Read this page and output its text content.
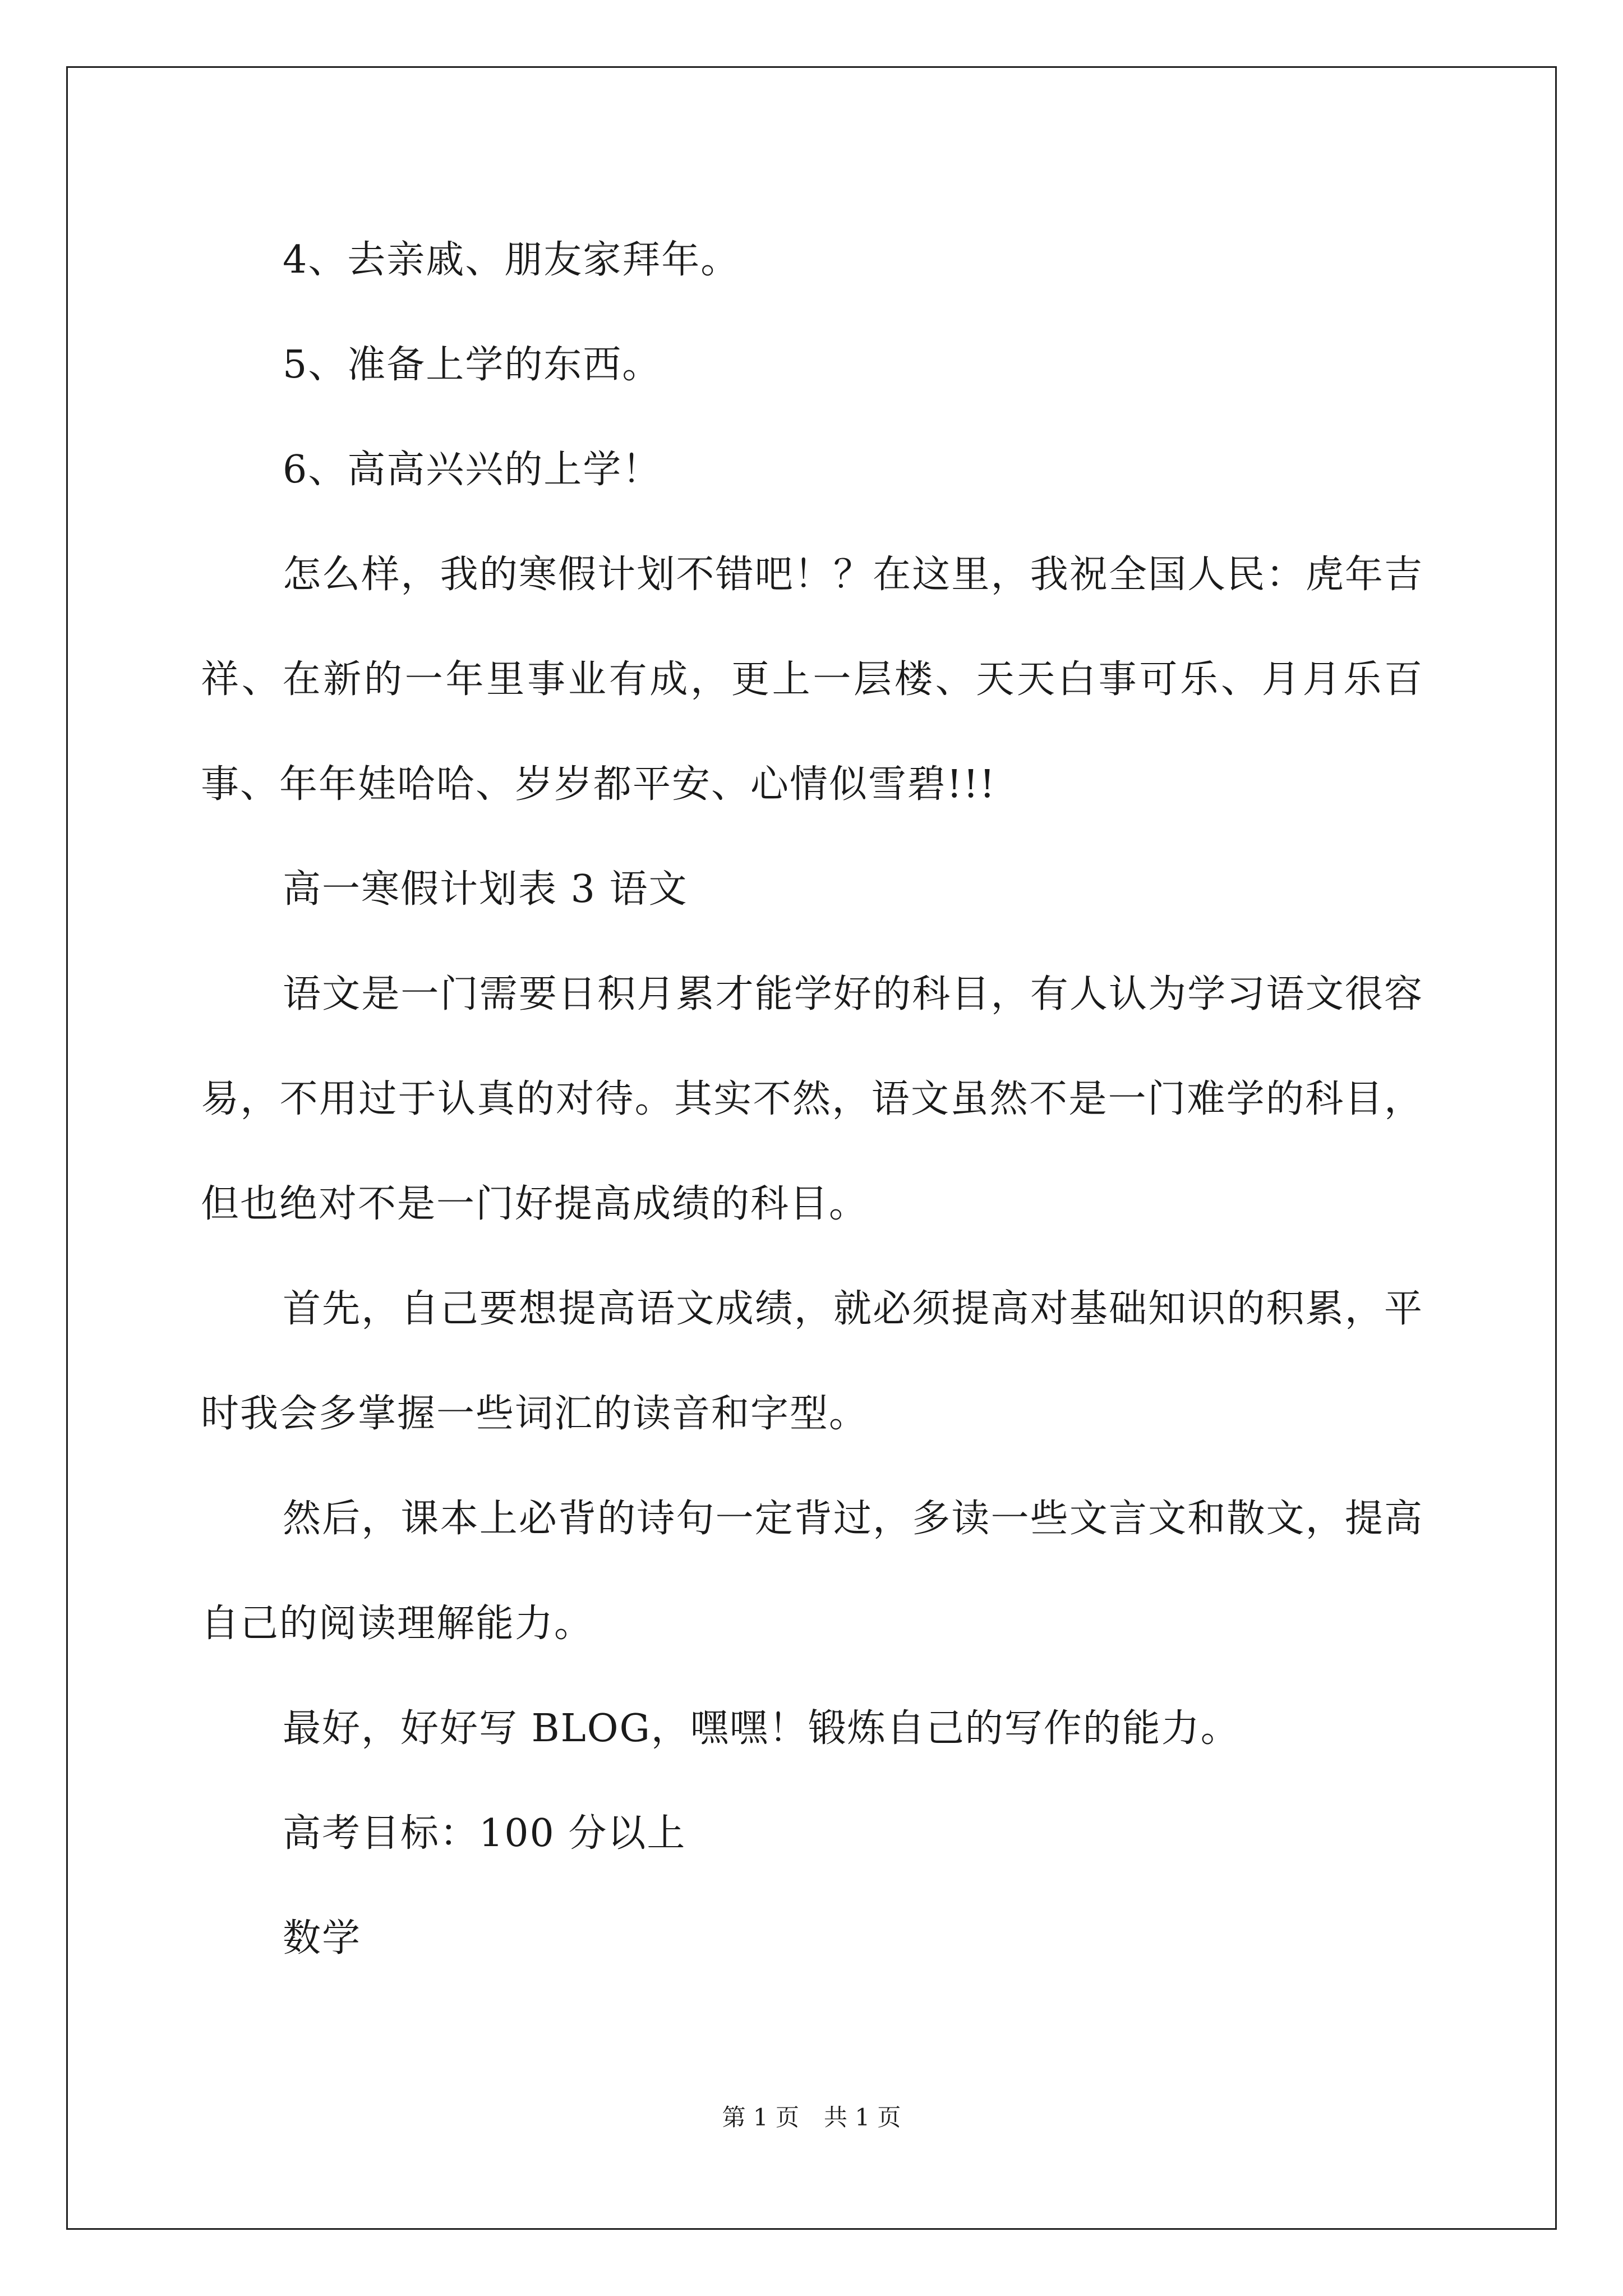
4、去亲戚、朋友家拜年。

5、准备上学的东西。

6、高高兴兴的上学！

怎么样，我的寒假计划不错吧！？在这里，我祝全国人民：虎年吉祥、在新的一年里事业有成，更上一层楼、天天白事可乐、月月乐百事、年年娃哈哈、岁岁都平安、心情似雪碧!!!

高一寒假计划表 3 语文

语文是一门需要日积月累才能学好的科目，有人认为学习语文很容易，不用过于认真的对待。其实不然，语文虽然不是一门难学的科目，但也绝对不是一门好提高成绩的科目。

首先，自己要想提高语文成绩，就必须提高对基础知识的积累，平时我会多掌握一些词汇的读音和字型。

然后，课本上必背的诗句一定背过，多读一些文言文和散文，提高自己的阅读理解能力。

最好，好好写 BLOG，嘿嘿！锻炼自己的写作的能力。

高考目标：100 分以上

数学

第 1 页 共 1 页
